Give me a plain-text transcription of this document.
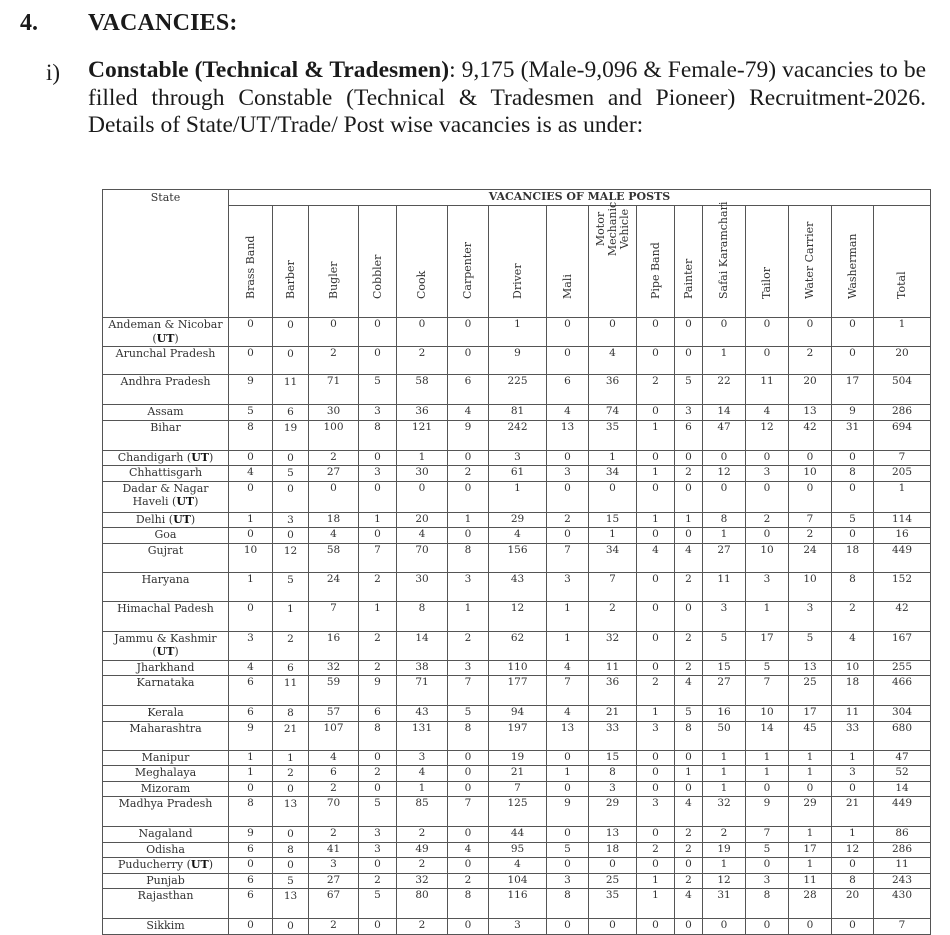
4. VACANCIES:
i) Constable (Technical & Tradesmen): 9,175 (Male-9,096 & Female-79) vacancies to be filled through Constable (Technical & Tradesmen and Pioneer) Recruitment-2026. Details of State/UT/Trade/ Post wise vacancies is as under:
State	VACANCIES OF MALE POSTS															

	Brass Band	Barber	Bugler	Cobbler	Cook	Carpenter	Driver	Mali	Motor Mechanic Vehicle	Pipe Band	Painter	Safai Karamchari	Tailor	Water Carrier	Washerman	Total

Andeman & Nicobar (UT)	0	0	0	0	0	0	1	0	0	0	0	0	0	0	0	1
Arunchal Pradesh	0	0	2	0	2	0	9	0	4	0	0	1	0	2	0	20
Andhra Pradesh	9	11	71	5	58	6	225	6	36	2	5	22	11	20	17	504
Assam	5	6	30	3	36	4	81	4	74	0	3	14	4	13	9	286
Bihar	8	19	100	8	121	9	242	13	35	1	6	47	12	42	31	694
Chandigarh (UT)	0	0	2	0	1	0	3	0	1	0	0	0	0	0	0	7
Chhattisgarh	4	5	27	3	30	2	61	3	34	1	2	12	3	10	8	205
Dadar & Nagar Haveli (UT)	0	0	0	0	0	0	1	0	0	0	0	0	0	0	0	1
Delhi (UT)	1	3	18	1	20	1	29	2	15	1	1	8	2	7	5	114
Goa	0	0	4	0	4	0	4	0	1	0	0	1	0	2	0	16
Gujrat	10	12	58	7	70	8	156	7	34	4	4	27	10	24	18	449
Haryana	1	5	24	2	30	3	43	3	7	0	2	11	3	10	8	152
Himachal Padesh	0	1	7	1	8	1	12	1	2	0	0	3	1	3	2	42
Jammu & Kashmir (UT)	3	2	16	2	14	2	62	1	32	0	2	5	17	5	4	167
Jharkhand	4	6	32	2	38	3	110	4	11	0	2	15	5	13	10	255
Karnataka	6	11	59	9	71	7	177	7	36	2	4	27	7	25	18	466
Kerala	6	8	57	6	43	5	94	4	21	1	5	16	10	17	11	304
Maharashtra	9	21	107	8	131	8	197	13	33	3	8	50	14	45	33	680
Manipur	1	1	4	0	3	0	19	0	15	0	0	1	1	1	1	47
Meghalaya	1	2	6	2	4	0	21	1	8	0	1	1	1	1	3	52
Mizoram	0	0	2	0	1	0	7	0	3	0	0	1	0	0	0	14
Madhya Pradesh	8	13	70	5	85	7	125	9	29	3	4	32	9	29	21	449
Nagaland	9	0	2	3	2	0	44	0	13	0	2	2	7	1	1	86
Odisha	6	8	41	3	49	4	95	5	18	2	2	19	5	17	12	286
Puducherry (UT)	0	0	3	0	2	0	4	0	0	0	0	1	0	1	0	11
Punjab	6	5	27	2	32	2	104	3	25	1	2	12	3	11	8	243
Rajasthan	6	13	67	5	80	8	116	8	35	1	4	31	8	28	20	430
Sikkim	0	0	2	0	2	0	3	0	0	0	0	0	0	0	0	7
